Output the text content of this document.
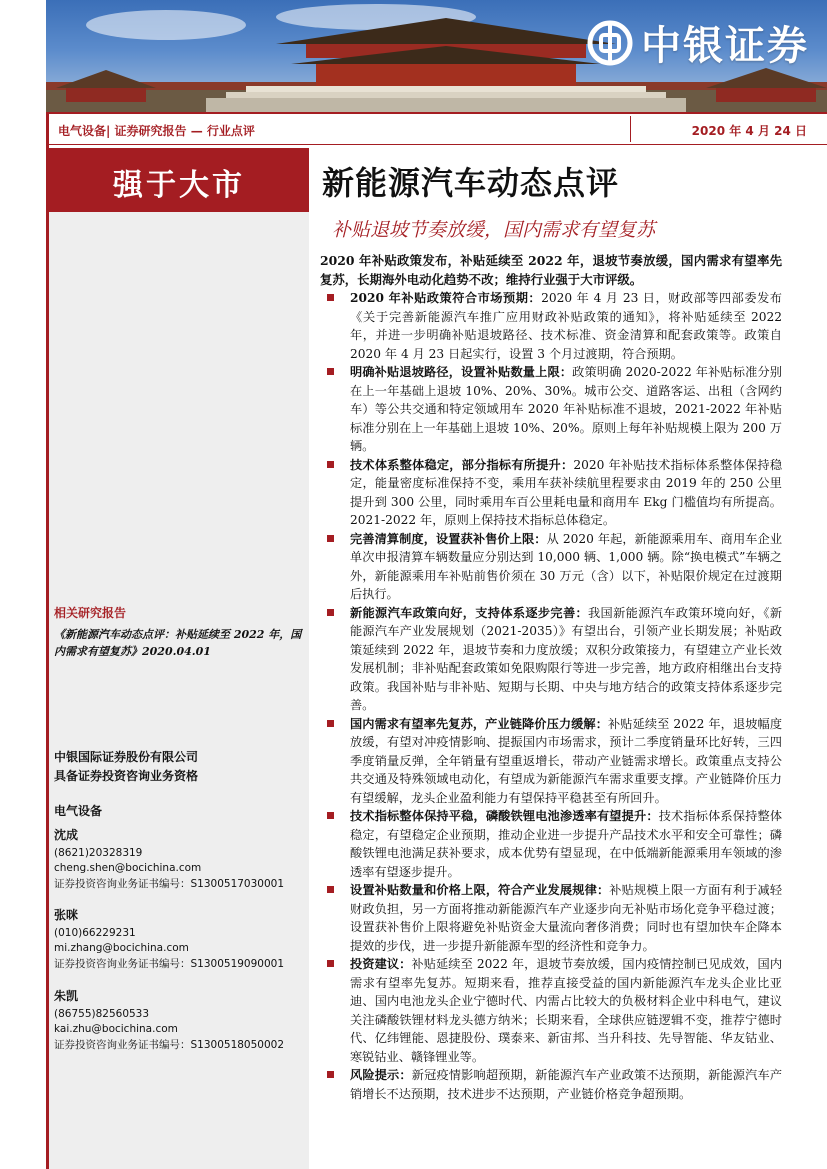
中银证券
电气设备| 证券研究报告 — 行业点评	2020 年 4 月 24 日
强于大市	新能源汽车动态点评
补贴退坡节奏放缓，国内需求有望复苏
2020 年补贴政策发布，补贴延续至 2022 年，退坡节奏放缓，国内需求有望率先复苏，长期海外电动化趋势不改；维持行业强于大市评级。
2020 年补贴政策符合市场预期：2020 年 4 月 23 日，财政部等四部委发布《关于完善新能源汽车推广应用财政补贴政策的通知》，将补贴延续至 2022 年，并进一步明确补贴退坡路径、技术标准、资金清算和配套政策等。政策自 2020 年 4 月 23 日起实行，设置 3 个月过渡期，符合预期。
明确补贴退坡路径，设置补贴数量上限：政策明确 2020-2022 年补贴标准分别在上一年基础上退坡 10%、20%、30%。城市公交、道路客运、出租（含网约车）等公共交通和特定领域用车 2020 年补贴标准不退坡，2021-2022 年补贴标准分别在上一年基础上退坡 10%、20%。原则上每年补贴规模上限为 200 万辆。
技术体系整体稳定，部分指标有所提升：2020 年补贴技术指标体系整体保持稳定，能量密度标准保持不变，乘用车获补续航里程要求由 2019 年的 250 公里提升到 300 公里，同时乘用车百公里耗电量和商用车 Ekg 门槛值均有所提高。2021-2022 年，原则上保持技术指标总体稳定。
完善清算制度，设置获补售价上限：从 2020 年起，新能源乘用车、商用车企业单次申报清算车辆数量应分别达到 10,000 辆、1,000 辆。除“换电模式”车辆之外，新能源乘用车补贴前售价须在 30 万元（含）以下，补贴限价规定在过渡期后执行。
新能源汽车政策向好，支持体系逐步完善：我国新能源汽车政策环境向好，《新能源汽车产业发展规划（2021-2035）》有望出台，引领产业长期发展；补贴政策延续到 2022 年，退坡节奏和力度放缓；双积分政策接力，有望建立产业长效发展机制；非补贴配套政策如免限购限行等进一步完善，地方政府相继出台支持政策。我国补贴与非补贴、短期与长期、中央与地方结合的政策支持体系逐步完善。
国内需求有望率先复苏，产业链降价压力缓解：补贴延续至 2022 年，退坡幅度放缓，有望对冲疫情影响、提振国内市场需求，预计二季度销量环比好转，三四季度销量反弹，全年销量有望重返增长，带动产业链需求增长。政策重点支持公共交通及特殊领域电动化，有望成为新能源汽车需求重要支撑。产业链降价压力有望缓解，龙头企业盈利能力有望保持平稳甚至有所回升。
技术指标整体保持平稳，磷酸铁锂电池渗透率有望提升：技术指标体系保持整体稳定，有望稳定企业预期，推动企业进一步提升产品技术水平和安全可靠性；磷酸铁锂电池满足获补要求，成本优势有望显现，在中低端新能源乘用车领域的渗透率有望逐步提升。
设置补贴数量和价格上限，符合产业发展规律：补贴规模上限一方面有利于减轻财政负担，另一方面将推动新能源汽车产业逐步向无补贴市场化竞争平稳过渡；设置获补售价上限将避免补贴资金大量流向奢侈消费；同时也有望加快车企降本提效的步伐，进一步提升新能源车型的经济性和竞争力。
投资建议：补贴延续至 2022 年，退坡节奏放缓，国内疫情控制已见成效，国内需求有望率先复苏。短期来看，推荐直接受益的国内新能源汽车龙头企业比亚迪、国内电池龙头企业宁德时代、内需占比较大的负极材料企业中科电气，建议关注磷酸铁锂材料龙头德方纳米；长期来看，全球供应链逻辑不变，推荐宁德时代、亿纬锂能、恩捷股份、璞泰来、新宙邦、当升科技、先导智能、华友钴业、寒锐钴业、赣锋锂业等。
风险提示：新冠疫情影响超预期，新能源汽车产业政策不达预期，新能源汽车产销增长不达预期，技术进步不达预期，产业链价格竞争超预期。
相关研究报告
《新能源汽车动态点评：补贴延续至 2022 年，国内需求有望复苏》2020.04.01
中银国际证券股份有限公司
具备证券投资咨询业务资格
电气设备
沈成
(8621)20328319
cheng.shen@bocichina.com
证券投资咨询业务证书编号：S1300517030001
张咪
(010)66229231
mi.zhang@bocichina.com
证券投资咨询业务证书编号：S1300519090001
朱凯
(86755)82560533
kai.zhu@bocichina.com
证券投资咨询业务证书编号：S1300518050002
